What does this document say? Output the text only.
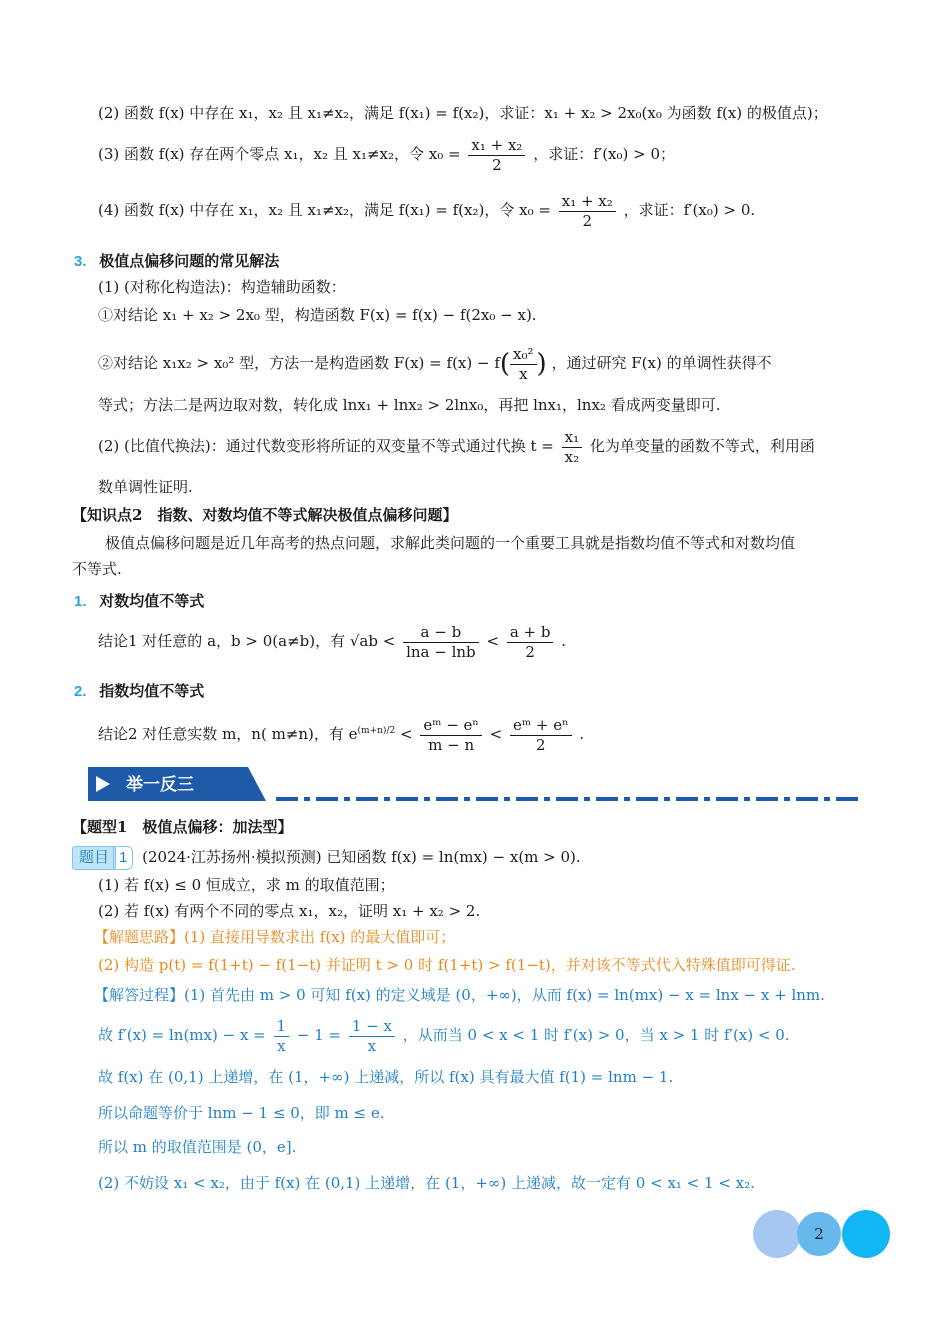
(2) 函数 f(x) 中存在 x₁，x₂ 且 x₁≠x₂，满足 f(x₁) = f(x₂)，求证：x₁ + x₂ > 2x₀(x₀ 为函数 f(x) 的极值点)；
(3) 函数 f(x) 存在两个零点 x₁，x₂ 且 x₁≠x₂，令 $x_0 = \frac{\text{x₁ + x₂}}{2}$ ，求证：f′(x₀) > 0；
(4) 函数 f(x) 中存在 x₁，x₂ 且 x₁≠x₂，满足 f(x₁) = f(x₂)，令 $x_0 = \frac{\text{x₁ + x₂}}{2}$ ，求证：f′(x₀) > 0.
3. 极值点偏移问题的常见解法
(1) (对称化构造法)：构造辅助函数：
①对结论 x₁ + x₂ > 2x₀ 型，构造函数 F(x) = f(x) − f(2x₀ − x).
②对结论 x₁x₂ > x₀² 型，方法一是构造函数 $F(x) = f(x) - f( \frac{\text{x₀²}}{x}$ ) ，通过研究 F(x) 的单调性获得不
等式；方法二是两边取对数，转化成 lnx₁ + lnx₂ > 2lnx₀，再把 lnx₁，lnx₂ 看成两变量即可.
(2) (比值代换法)：通过代数变形将所证的双变量不等式通过代换 $t = \frac{\text{x₁}}{\text{x₂}}$ 化为单变量的函数不等式，利用函
数单调性证明.
【知识点2　指数、对数均值不等式解决极值点偏移问题】
极值点偏移问题是近几年高考的热点问题，求解此类问题的一个重要工具就是指数均值不等式和对数均值
不等式.
1. 对数均值不等式
结论1 对任意的 a，b > 0(a≠b)，有 $√ab < \frac{a - b}{\ln a - \ln b} < \frac{a + b}{2}$ .
2. 指数均值不等式
结论2 对任意实数 m，n( m≠n)，有 $e^{(m+n)/2} < \frac{\text{eᵐ − eⁿ}}{m - n} < \frac{\text{eᵐ + eⁿ}}{2}$ .
举一反三
【题型1　极值点偏移：加法型】
题目 1 (2024·江苏扬州·模拟预测) 已知函数 f(x) = ln(mx) − x(m > 0).
(1) 若 f(x) ≤ 0 恒成立，求 m 的取值范围；
(2) 若 f(x) 有两个不同的零点 x₁，x₂，证明 x₁ + x₂ > 2.
【解题思路】(1) 直接用导数求出 f(x) 的最大值即可；
(2) 构造 p(t) = f(1+t) − f(1−t) 并证明 t > 0 时 f(1+t) > f(1−t)，并对该不等式代入特殊值即可得证.
【解答过程】(1) 首先由 m > 0 可知 f(x) 的定义域是 (0，+∞)，从而 f(x) = ln(mx) − x = lnx − x + lnm.
故 $f'(x) = \ln(mx) - x = \frac{1}{x} - 1 = \frac{1 - x}{x}$ ，从而当 0 < x < 1 时 f′(x) > 0，当 x > 1 时 f′(x) < 0.
故 f(x) 在 (0,1) 上递增，在 (1，+∞) 上递减，所以 f(x) 具有最大值 f(1) = lnm − 1.
所以命题等价于 lnm − 1 ≤ 0，即 m ≤ e.
所以 m 的取值范围是 (0，e].
(2) 不妨设 x₁ < x₂，由于 f(x) 在 (0,1) 上递增，在 (1，+∞) 上递减，故一定有 0 < x₁ < 1 < x₂.
2
